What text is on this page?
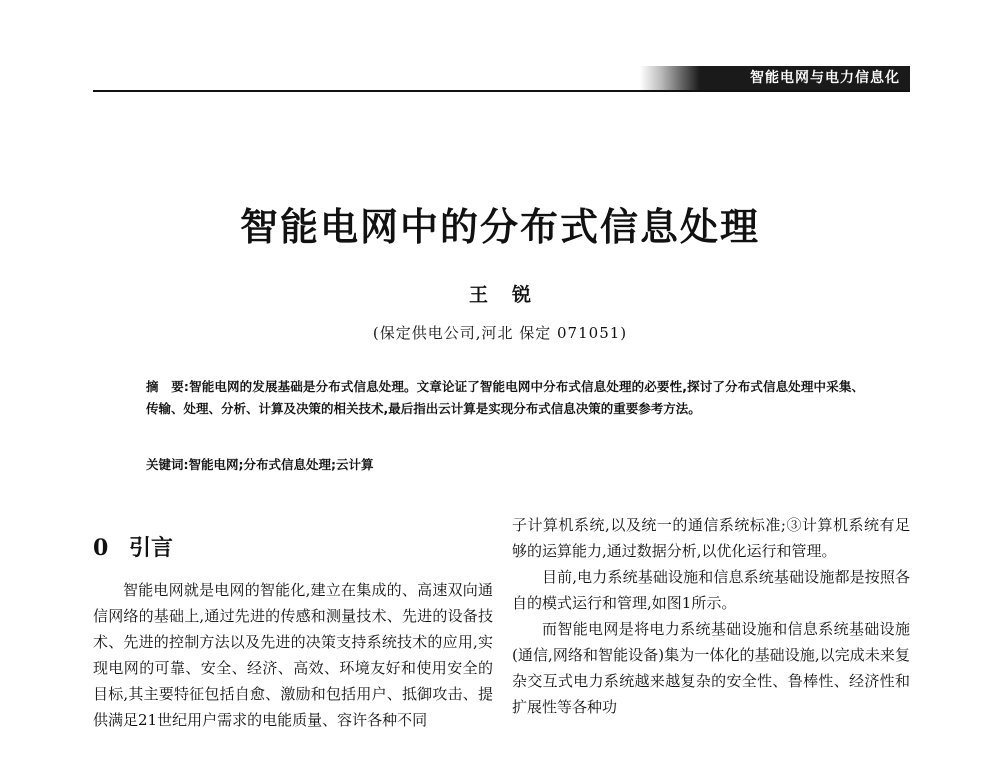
智能电网与电力信息化
智能电网中的分布式信息处理
王锐
(保定供电公司,河北 保定 071051)
摘　要:智能电网的发展基础是分布式信息处理。文章论证了智能电网中分布式信息处理的必要性,探讨了分布式信息处理中采集、传输、处理、分析、计算及决策的相关技术,最后指出云计算是实现分布式信息决策的重要参考方法。
关键词:智能电网;分布式信息处理;云计算
0 引言

智能电网就是电网的智能化,建立在集成的、高速双向通信网络的基础上,通过先进的传感和测量技术、先进的设备技术、先进的控制方法以及先进的决策支持系统技术的应用,实现电网的可靠、安全、经济、高效、环境友好和使用安全的目标,其主要特征包括自愈、激励和包括用户、抵御攻击、提供满足21世纪用户需求的电能质量、容许各种不同

子计算机系统,以及统一的通信系统标准;③计算机系统有足够的运算能力,通过数据分析,以优化运行和管理。

目前,电力系统基础设施和信息系统基础设施都是按照各自的模式运行和管理,如图1所示。

而智能电网是将电力系统基础设施和信息系统基础设施(通信,网络和智能设备)集为一体化的基础设施,以完成未来复杂交互式电力系统越来越复杂的安全性、鲁棒性、经济性和扩展性等各种功
